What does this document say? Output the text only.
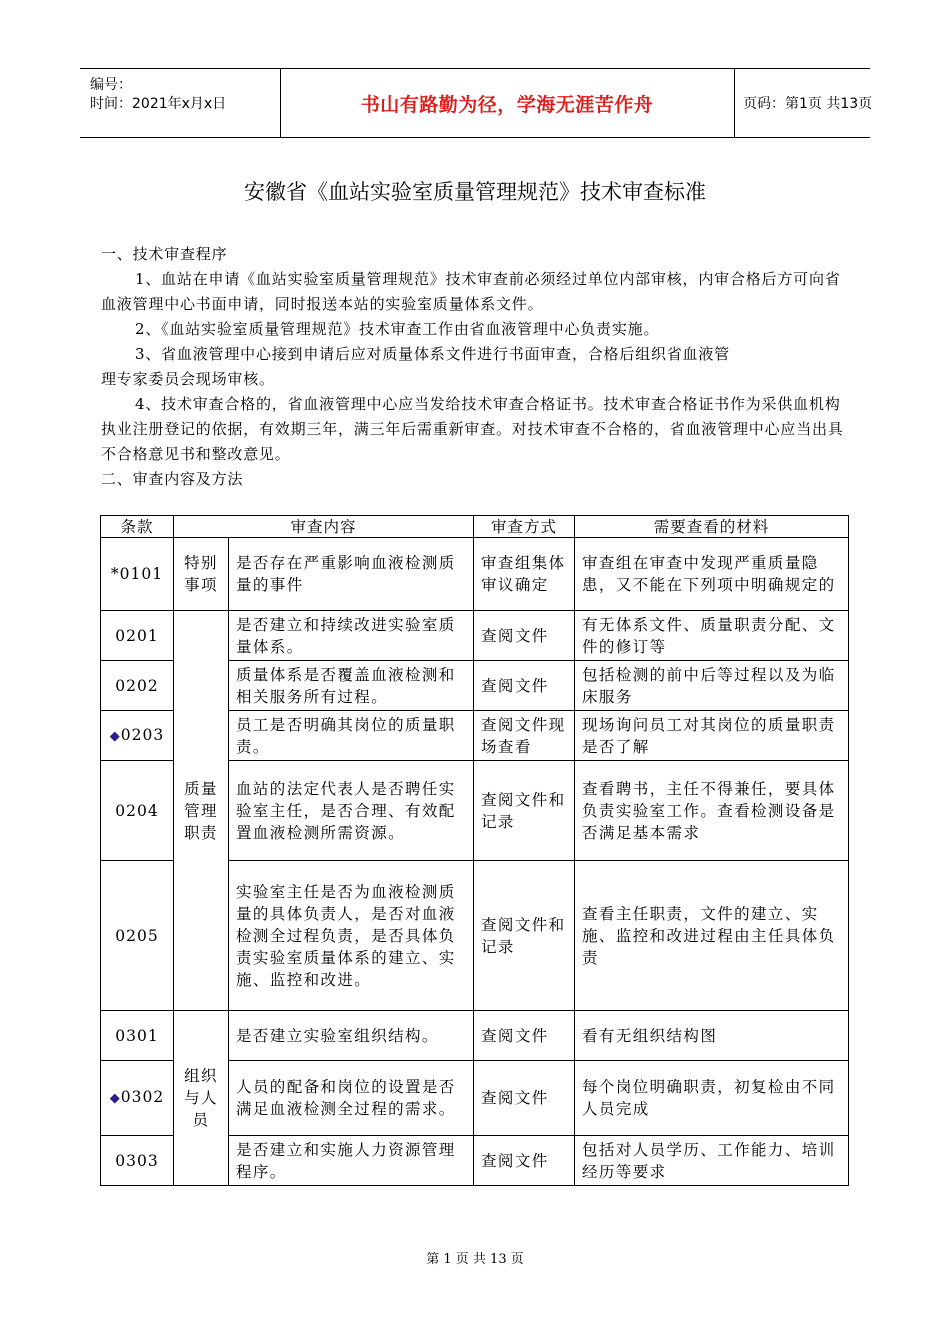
编号：
时间：2021年x月x日	书山有路勤为径，学海无涯苦作舟	页码：第1页 共13页
安徽省《血站实验室质量管理规范》技术审查标准

一、技术审查程序

1、血站在申请《血站实验室质量管理规范》技术审查前必须经过单位内部审核，内审合格后方可向省血液管理中心书面申请，同时报送本站的实验室质量体系文件。

2、《血站实验室质量管理规范》技术审查工作由省血液管理中心负责实施。

3、省血液管理中心接到申请后应对质量体系文件进行书面审查，合格后组织省血液管

理专家委员会现场审核。

4、技术审查合格的，省血液管理中心应当发给技术审查合格证书。技术审查合格证书作为采供血机构执业注册登记的依据，有效期三年，满三年后需重新审查。对技术审查不合格的，省血液管理中心应当出具不合格意见书和整改意见。

二、审查内容及方法

条款	审查内容		审查方式	需要查看的材料
*0101	特别事项	是否存在严重影响血液检测质量的事件	审查组集体审议确定	审查组在审查中发现严重质量隐患，又不能在下列项中明确规定的
0201	质量管理职责	是否建立和持续改进实验室质量体系。	查阅文件	有无体系文件、质量职责分配、文件的修订等
0202		质量体系是否覆盖血液检测和相关服务所有过程。	查阅文件	包括检测的前中后等过程以及为临床服务
◆0203		员工是否明确其岗位的质量职责。	查阅文件现场查看	现场询问员工对其岗位的质量职责是否了解
0204		血站的法定代表人是否聘任实验室主任，是否合理、有效配置血液检测所需资源。	查阅文件和记录	查看聘书，主任不得兼任，要具体负责实验室工作。查看检测设备是否满足基本需求
0205		实验室主任是否为血液检测质量的具体负责人，是否对血液检测全过程负责，是否具体负责实验室质量体系的建立、实施、监控和改进。	查阅文件和记录	查看主任职责，文件的建立、实施、监控和改进过程由主任具体负责
0301	组织与人员	是否建立实验室组织结构。	查阅文件	看有无组织结构图
◆0302		人员的配备和岗位的设置是否满足血液检测全过程的需求。	查阅文件	每个岗位明确职责，初复检由不同人员完成
0303		是否建立和实施人力资源管理程序。	查阅文件	包括对人员学历、工作能力、培训经历等要求
第 1 页 共 13 页
